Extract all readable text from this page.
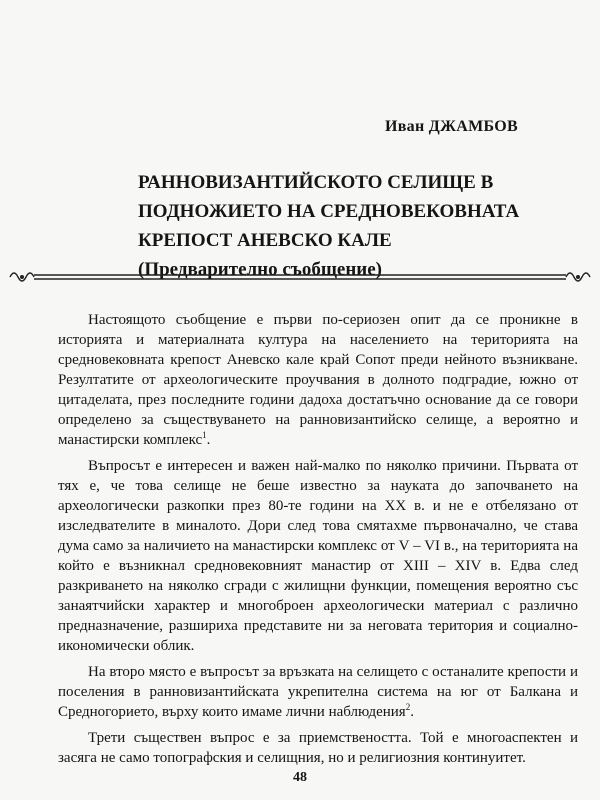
Иван ДЖАМБОВ
РАННОВИЗАНТИЙСКОТО СЕЛИЩЕ В
ПОДНОЖИЕТО НА СРЕДНОВЕКОВНАТА
КРЕПОСТ АНЕВСКО КАЛЕ
(Предварително съобщение)

Настоящото съобщение е първи по-сериозен опит да се проникне в историята и материалната култура на населението на територията на средновековната крепост Аневско кале край Сопот преди нейното възникване. Резултатите от археологическите проучвания в долното подградие, южно от цитаделата, през последните години дадоха достатъчно основание да се говори определено за съществуването на ранновизантийско селище, а вероятно и манастирски комплекс$^1$.

Въпросът е интересен и важен най-малко по няколко причини. Първата от тях е, че това селище не беше известно за науката до започването на археологически разкопки през 80-те години на XX в. и не е отбелязано от изследвателите в миналото. Дори след това смятахме първоначално, че става дума само за наличието на манастирски комплекс от V – VI в., на територията на който е възникнал средновековният манастир от XIII – XIV в. Едва след разкриването на няколко сгради с жилищни функции, помещения вероятно със занаятчийски характер и многоброен археологически материал с различно предназначение, разшириха представите ни за неговата територия и социално-икономически облик.

На второ място е въпросът за връзката на селището с останалите крепости и поселения в ранновизантийската укрепителна система на юг от Балкана и Средногорието, върху които имаме лични наблюдения$^2$.

Трети съществен въпрос е за приемствеността. Той е многоаспектен и засяга не само топографския и селищния, но и религиозния континуитет.

48
